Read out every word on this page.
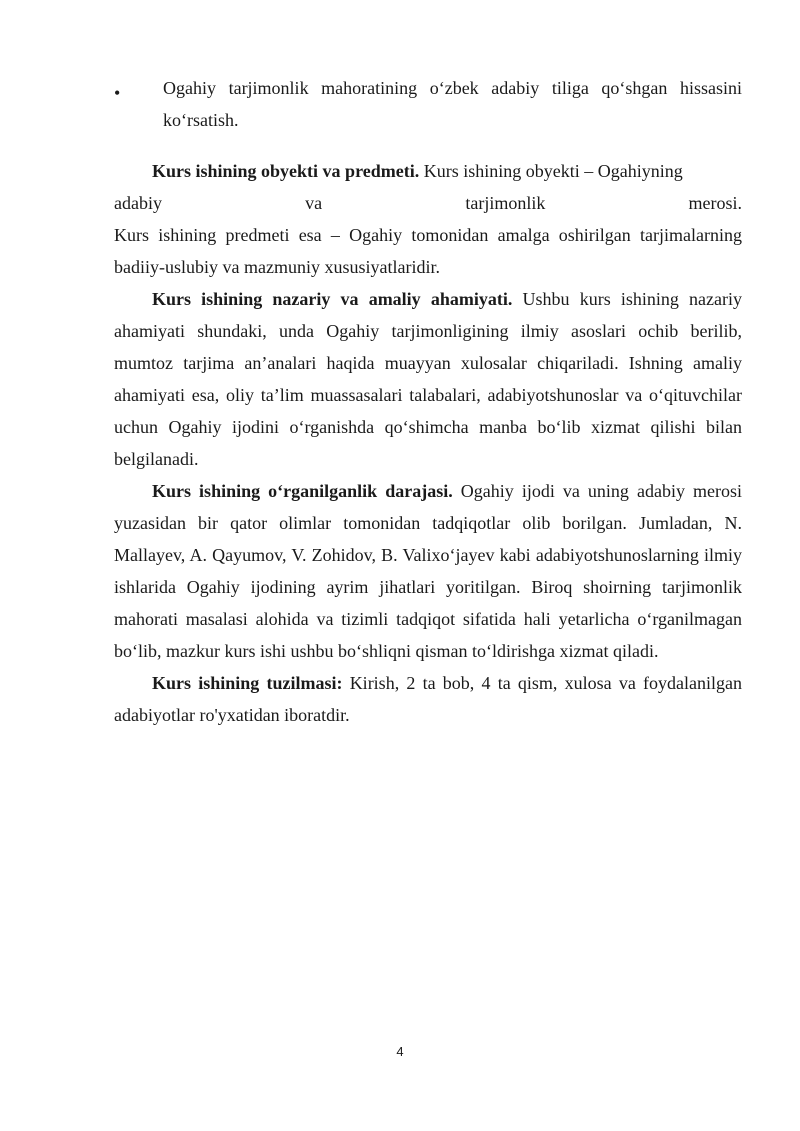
• Ogahiy tarjimonlik mahoratining o‘zbek adabiy tiligа qo‘shgan hissasini ko‘rsatish.

Kurs ishining obyekti va predmeti. Kurs ishining obyekti – Ogahiyning

adabiy	va	tarjimonlik	merosi.

Kurs ishining predmeti esa – Ogahiy tomonidan amalga oshirilgan tarjimalarning badiiy-uslubiy va mazmuniy xususiyatlaridir.

Kurs ishining nazariy va amaliy ahamiyati. Ushbu kurs ishining nazariy ahamiyati shundaki, unda Ogahiy tarjimonligining ilmiy asoslari ochib berilib, mumtoz tarjima an’analari haqida muayyan xulosalar chiqariladi. Ishning amaliy ahamiyati esa, oliy ta’lim muassasalari talabalari, adabiyotshunoslar va o‘qituvchilar uchun Ogahiy ijodini o‘rganishda qo‘shimcha manba bo‘lib xizmat qilishi bilan belgilanadi.

Kurs ishining o‘rganilganlik darajasi. Ogahiy ijodi va uning adabiy merosi yuzasidan bir qator olimlar tomonidan tadqiqotlar olib borilgan. Jumladan, N. Mallayev, A. Qayumov, V. Zohidov, B. Valixo‘jayev kabi adabiyotshunoslarning ilmiy ishlarida Ogahiy ijodining ayrim jihatlari yoritilgan. Biroq shoirning tarjimonlik mahorati masalasi alohida va tizimli tadqiqot sifatida hali yetarlicha o‘rganilmagan bo‘lib, mazkur kurs ishi ushbu bo‘shliqni qisman to‘ldirishga xizmat qiladi.

Kurs ishining tuzilmasi: Kirish, 2 ta bob, 4 ta qism, xulosa va foydalanilgan adabiyotlar ro'yxatidan iboratdir.

4
